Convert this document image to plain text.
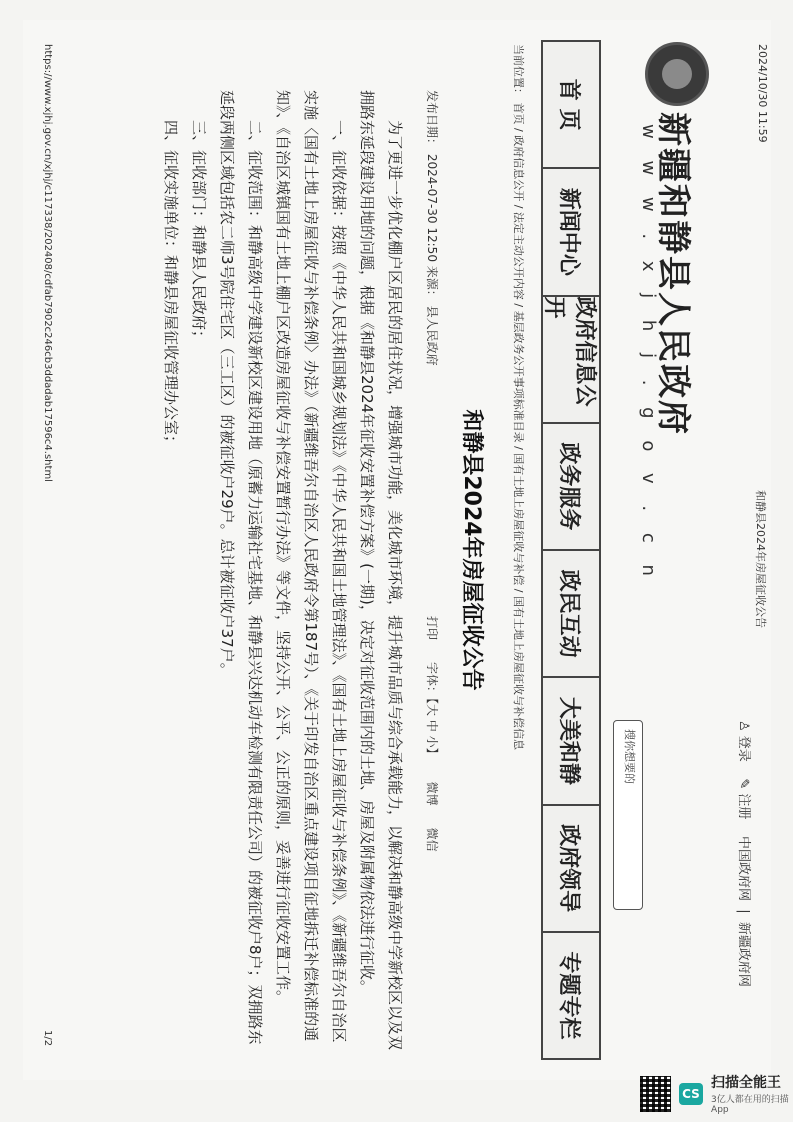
2024/10/30 11:59
和静县2024年房屋征收公告
♙ 登录    ✎ 注册    中国政府网  |  新疆政府网
新疆和静县人民政府
w w w . x j h j . g o v . c n
搜你想要的
首 页
新闻中心
政府信息公开
政务服务
政民互动
大美和静
政府领导
专题专栏
当前位置： 首页 / 政府信息公开 / 法定主动公开内容 / 基层政务公开事项标准目录 / 国有土地上房屋征收与补偿 / 国有土地上房屋征收与补偿信息
和静县2024年房屋征收公告
发布日期： 2024-07-30 12:50 来源： 县人民政府
打印
字体：【大 中 小】
微博
微信
为了更进一步优化棚户区居民的居住状况，增强城市功能，美化城市环境，提升城市品质与综合承载能力，以解决和静高级中学新校区以及双拥路东延段建设用地的问题，根据《和静县2024年征收安置补偿方案》(一期)，决定对征收范围内的土地、房屋及附属物依法进行征收。
一、征收依据：按照《中华人民共和国城乡规划法》《中华人民共和国土地管理法》、《国有土地上房屋征收与补偿条例》、《新疆维吾尔自治区实施〈国有土地上房屋征收与补偿条例〉办法》（新疆维吾尔自治区人民政府令第187号）、《关于印发自治区重点建设项目征地拆迁补偿标准的通知》、《自治区城镇国有土地上棚户区改造房屋征收与补偿安置暂行办法》等文件，坚持公开、公平、公正的原则，妥善进行征收安置工作。
二、征收范围：和静高级中学建设新校区建设用地（原蓄力运输社宅基地、和静县兴达机动车检测有限责任公司）的被征收户8户；双拥路东延段两侧区域包括农二师3号院住宅区（三工区）的被征收户29户。总计被征收户37户。
三、征收部门：和静县人民政府；
四、征收实施单位：和静县房屋征收管理办公室；
https://www.xjhj.gov.cn/xjhj/c117338/202408/cdfab7902c246cb3ddadab17596c4.shtml
1/2
CS
扫描全能王
3亿人都在用的扫描App
